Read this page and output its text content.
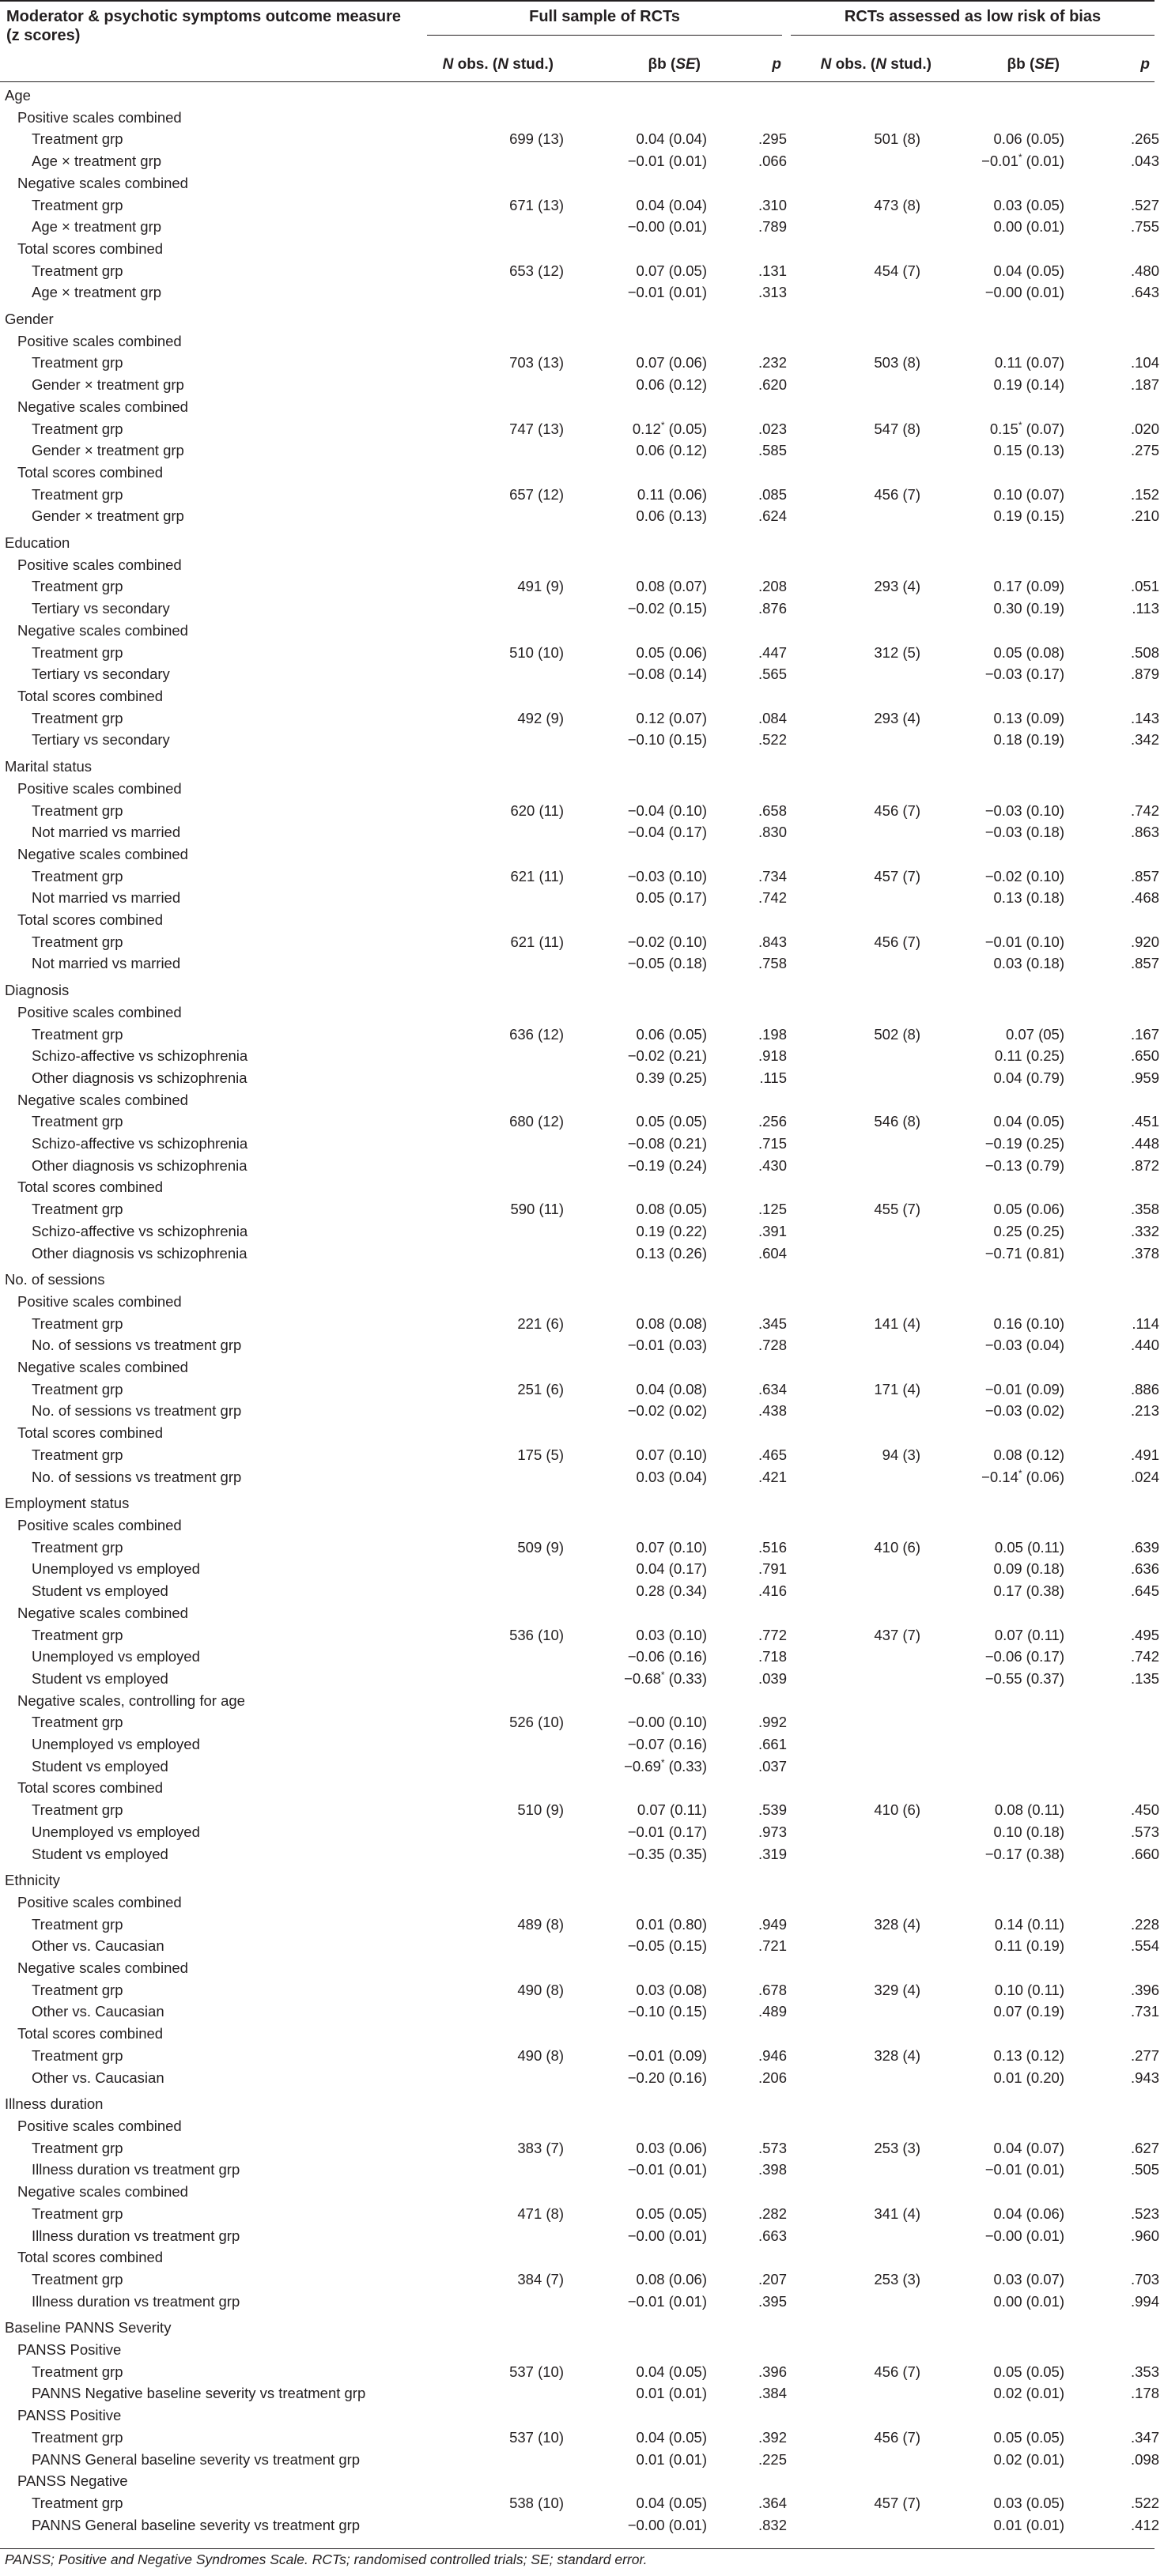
Moderator & psychotic symptoms outcome measure (z scores)
Full sample of RCTs	RCTs assessed as low risk of bias
N obs. (N stud.)	βb (SE)	p	N obs. (N stud.)	βb (SE)	p
Age						
Positive scales combined						
Treatment grp	699 (13)	0.04 (0.04)	.295	501 (8)	0.06 (0.05)	.265
Age × treatment grp		−0.01 (0.01)	.066		−0.01* (0.01)	.043
Negative scales combined						
Treatment grp	671 (13)	0.04 (0.04)	.310	473 (8)	0.03 (0.05)	.527
Age × treatment grp		−0.00 (0.01)	.789		0.00 (0.01)	.755
Total scores combined						
Treatment grp	653 (12)	0.07 (0.05)	.131	454 (7)	0.04 (0.05)	.480
Age × treatment grp		−0.01 (0.01)	.313		−0.00 (0.01)	.643
Gender						
Positive scales combined						
Treatment grp	703 (13)	0.07 (0.06)	.232	503 (8)	0.11 (0.07)	.104
Gender × treatment grp		0.06 (0.12)	.620		0.19 (0.14)	.187
Negative scales combined						
Treatment grp	747 (13)	0.12* (0.05)	.023	547 (8)	0.15* (0.07)	.020
Gender × treatment grp		0.06 (0.12)	.585		0.15 (0.13)	.275
Total scores combined						
Treatment grp	657 (12)	0.11 (0.06)	.085	456 (7)	0.10 (0.07)	.152
Gender × treatment grp		0.06 (0.13)	.624		0.19 (0.15)	.210
Education						
Positive scales combined						
Treatment grp	491 (9)	0.08 (0.07)	.208	293 (4)	0.17 (0.09)	.051
Tertiary vs secondary		−0.02 (0.15)	.876		0.30 (0.19)	.113
Negative scales combined						
Treatment grp	510 (10)	0.05 (0.06)	.447	312 (5)	0.05 (0.08)	.508
Tertiary vs secondary		−0.08 (0.14)	.565		−0.03 (0.17)	.879
Total scores combined						
Treatment grp	492 (9)	0.12 (0.07)	.084	293 (4)	0.13 (0.09)	.143
Tertiary vs secondary		−0.10 (0.15)	.522		0.18 (0.19)	.342
Marital status						
Positive scales combined						
Treatment grp	620 (11)	−0.04 (0.10)	.658	456 (7)	−0.03 (0.10)	.742
Not married vs married		−0.04 (0.17)	.830		−0.03 (0.18)	.863
Negative scales combined						
Treatment grp	621 (11)	−0.03 (0.10)	.734	457 (7)	−0.02 (0.10)	.857
Not married vs married		0.05 (0.17)	.742		0.13 (0.18)	.468
Total scores combined						
Treatment grp	621 (11)	−0.02 (0.10)	.843	456 (7)	−0.01 (0.10)	.920
Not married vs married		−0.05 (0.18)	.758		0.03 (0.18)	.857
Diagnosis						
Positive scales combined						
Treatment grp	636 (12)	0.06 (0.05)	.198	502 (8)	0.07 (05)	.167
Schizo-affective vs schizophrenia		−0.02 (0.21)	.918		0.11 (0.25)	.650
Other diagnosis vs schizophrenia		0.39 (0.25)	.115		0.04 (0.79)	.959
Negative scales combined						
Treatment grp	680 (12)	0.05 (0.05)	.256	546 (8)	0.04 (0.05)	.451
Schizo-affective vs schizophrenia		−0.08 (0.21)	.715		−0.19 (0.25)	.448
Other diagnosis vs schizophrenia		−0.19 (0.24)	.430		−0.13 (0.79)	.872
Total scores combined						
Treatment grp	590 (11)	0.08 (0.05)	.125	455 (7)	0.05 (0.06)	.358
Schizo-affective vs schizophrenia		0.19 (0.22)	.391		0.25 (0.25)	.332
Other diagnosis vs schizophrenia		0.13 (0.26)	.604		−0.71 (0.81)	.378
No. of sessions						
Positive scales combined						
Treatment grp	221 (6)	0.08 (0.08)	.345	141 (4)	0.16 (0.10)	.114
No. of sessions vs treatment grp		−0.01 (0.03)	.728		−0.03 (0.04)	.440
Negative scales combined						
Treatment grp	251 (6)	0.04 (0.08)	.634	171 (4)	−0.01 (0.09)	.886
No. of sessions vs treatment grp		−0.02 (0.02)	.438		−0.03 (0.02)	.213
Total scores combined						
Treatment grp	175 (5)	0.07 (0.10)	.465	94 (3)	0.08 (0.12)	.491
No. of sessions vs treatment grp		0.03 (0.04)	.421		−0.14* (0.06)	.024
Employment status						
Positive scales combined						
Treatment grp	509 (9)	0.07 (0.10)	.516	410 (6)	0.05 (0.11)	.639
Unemployed vs employed		0.04 (0.17)	.791		0.09 (0.18)	.636
Student vs employed		0.28 (0.34)	.416		0.17 (0.38)	.645
Negative scales combined						
Treatment grp	536 (10)	0.03 (0.10)	.772	437 (7)	0.07 (0.11)	.495
Unemployed vs employed		−0.06 (0.16)	.718		−0.06 (0.17)	.742
Student vs employed		−0.68* (0.33)	.039		−0.55 (0.37)	.135
Negative scales, controlling for age						
Treatment grp	526 (10)	−0.00 (0.10)	.992			
Unemployed vs employed		−0.07 (0.16)	.661			
Student vs employed		−0.69* (0.33)	.037			
Total scores combined						
Treatment grp	510 (9)	0.07 (0.11)	.539	410 (6)	0.08 (0.11)	.450
Unemployed vs employed		−0.01 (0.17)	.973		0.10 (0.18)	.573
Student vs employed		−0.35 (0.35)	.319		−0.17 (0.38)	.660
Ethnicity						
Positive scales combined						
Treatment grp	489 (8)	0.01 (0.80)	.949	328 (4)	0.14 (0.11)	.228
Other vs. Caucasian		−0.05 (0.15)	.721		0.11 (0.19)	.554
Negative scales combined						
Treatment grp	490 (8)	0.03 (0.08)	.678	329 (4)	0.10 (0.11)	.396
Other vs. Caucasian		−0.10 (0.15)	.489		0.07 (0.19)	.731
Total scores combined						
Treatment grp	490 (8)	−0.01 (0.09)	.946	328 (4)	0.13 (0.12)	.277
Other vs. Caucasian		−0.20 (0.16)	.206		0.01 (0.20)	.943
Illness duration						
Positive scales combined						
Treatment grp	383 (7)	0.03 (0.06)	.573	253 (3)	0.04 (0.07)	.627
Illness duration vs treatment grp		−0.01 (0.01)	.398		−0.01 (0.01)	.505
Negative scales combined						
Treatment grp	471 (8)	0.05 (0.05)	.282	341 (4)	0.04 (0.06)	.523
Illness duration vs treatment grp		−0.00 (0.01)	.663		−0.00 (0.01)	.960
Total scores combined						
Treatment grp	384 (7)	0.08 (0.06)	.207	253 (3)	0.03 (0.07)	.703
Illness duration vs treatment grp		−0.01 (0.01)	.395		0.00 (0.01)	.994
Baseline PANNS Severity						
PANSS Positive						
Treatment grp	537 (10)	0.04 (0.05)	.396	456 (7)	0.05 (0.05)	.353
PANNS Negative baseline severity vs treatment grp		0.01 (0.01)	.384		0.02 (0.01)	.178
PANSS Positive						
Treatment grp	537 (10)	0.04 (0.05)	.392	456 (7)	0.05 (0.05)	.347
PANNS General baseline severity vs treatment grp		0.01 (0.01)	.225		0.02 (0.01)	.098
PANSS Negative						
Treatment grp	538 (10)	0.04 (0.05)	.364	457 (7)	0.03 (0.05)	.522
PANNS General baseline severity vs treatment grp		−0.00 (0.01)	.832		0.01 (0.01)	.412
PANSS; Positive and Negative Syndromes Scale. RCTs; randomised controlled trials; SE; standard error.
